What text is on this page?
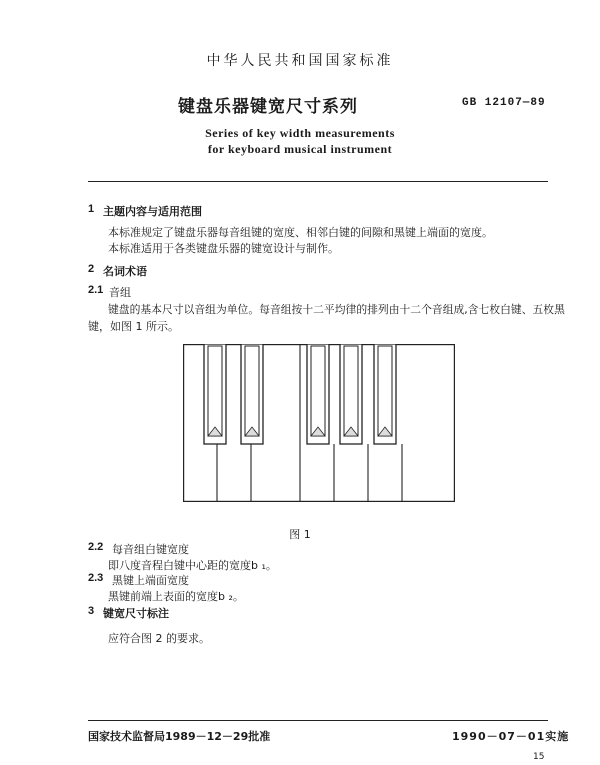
中华人民共和国国家标准
键盘乐器键宽尺寸系列	GB 12107—89
Series of key width measurements
for keyboard musical instrument
1 主题内容与适用范围
本标准规定了键盘乐器每音组键的宽度、相邻白键的间隙和黑键上端面的宽度。
本标准适用于各类键盘乐器的键宽设计与制作。
2 名词术语
2.1 音组
键盘的基本尺寸以音组为单位。每音组按十二平均律的排列由十二个音组成,含七枚白键、五枚黑
键，如图 1 所示。
图 1
2.2 每音组白键宽度
即八度音程白键中心距的宽度b ₁。
2.3 黑键上端面宽度
黑键前端上表面的宽度b ₂。
3 键宽尺寸标注
应符合图 2 的要求。
国家技术监督局1989－12－29批准	1990－07－01实施
15
